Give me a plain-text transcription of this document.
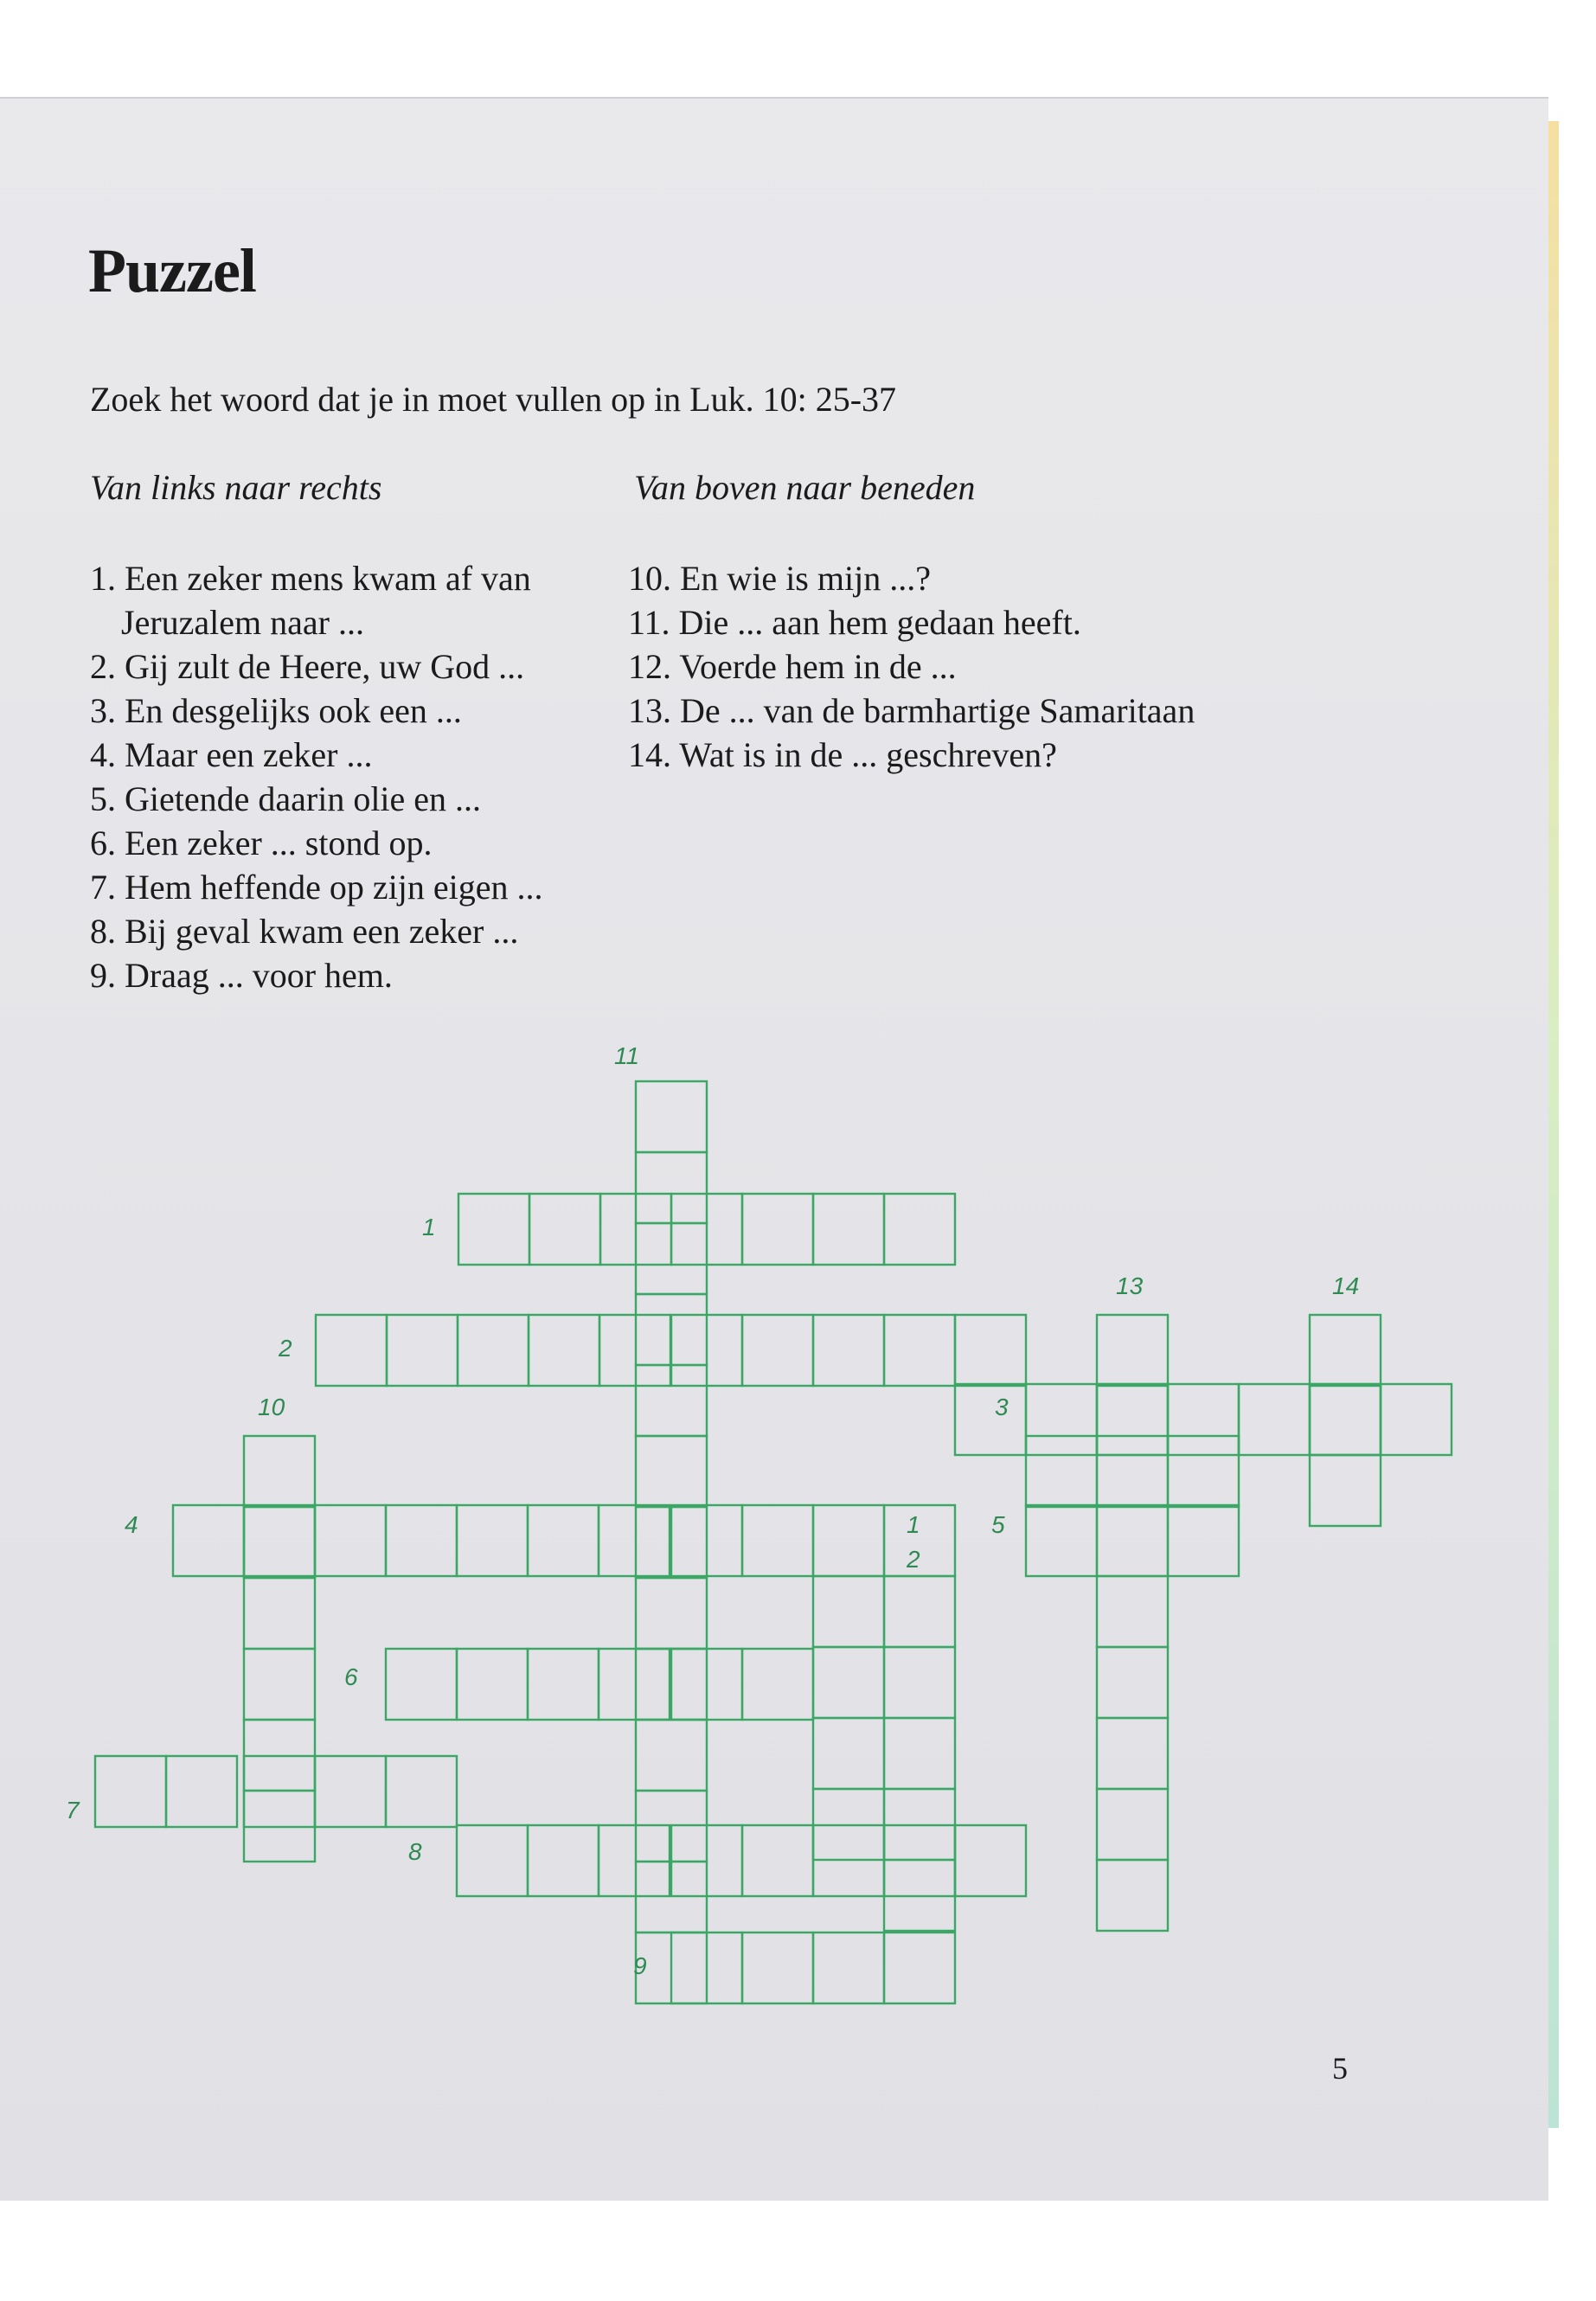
Puzzel
Zoek het woord dat je in moet vullen op in Luk. 10: 25-37
Van links naar rechts	Van boven naar beneden
1. Een zeker mens kwam af van
Jeruzalem naar ...
2. Gij zult de Heere, uw God ...
3. En desgelijks ook een ...
4. Maar een zeker ...
5. Gietende daarin olie en ...
6. Een zeker ... stond op.
7. Hem heffende op zijn eigen ...
8. Bij geval kwam een zeker ...
9. Draag ... voor hem.
10. En wie is mijn ...?
11. Die ... aan hem gedaan heeft.
12. Voerde hem in de ...
13. De ... van de barmhartige Samaritaan
14. Wat is in de ... geschreven?
11
1
13	14
2
10	3
4	1	5
2
6
7
8
9
5
